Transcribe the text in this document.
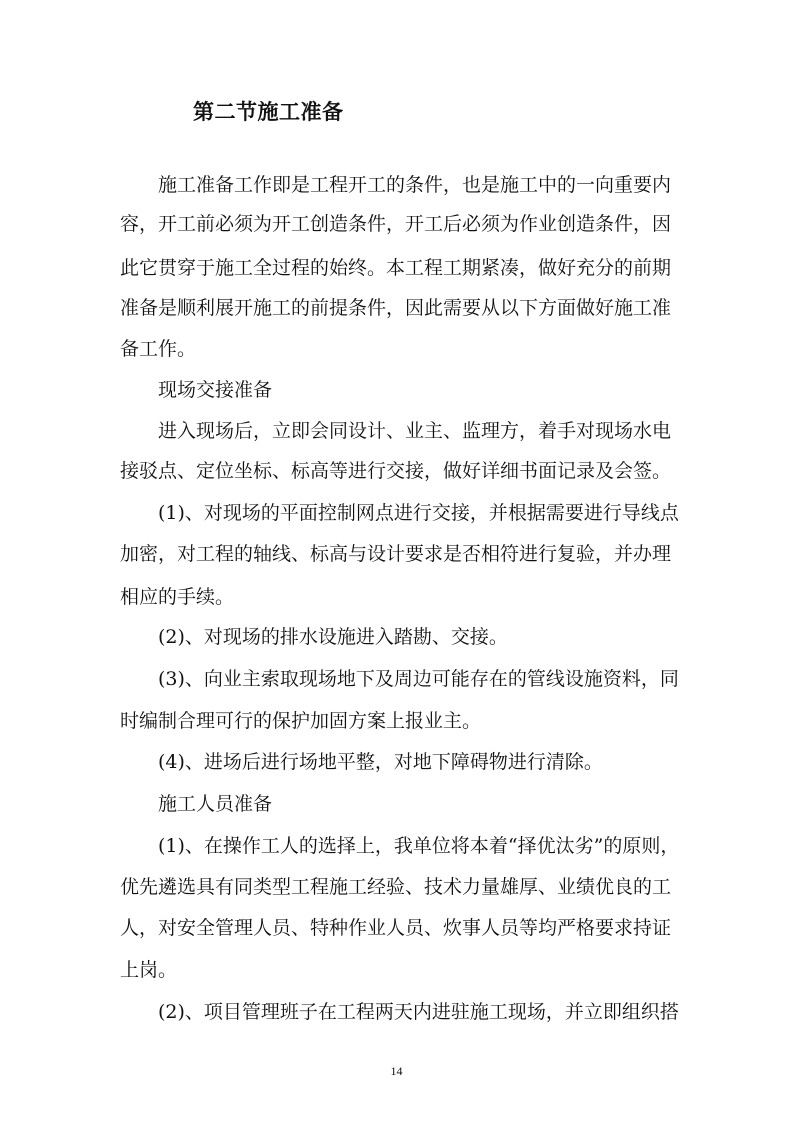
第二节施工准备
施工准备工作即是工程开工的条件，也是施工中的一向重要内
容，开工前必须为开工创造条件，开工后必须为作业创造条件，因
此它贯穿于施工全过程的始终。本工程工期紧凑，做好充分的前期
准备是顺利展开施工的前提条件，因此需要从以下方面做好施工准
备工作。
现场交接准备
进入现场后，立即会同设计、业主、监理方，着手对现场水电
接驳点、定位坐标、标高等进行交接，做好详细书面记录及会签。
(1)、对现场的平面控制网点进行交接，并根据需要进行导线点
加密，对工程的轴线、标高与设计要求是否相符进行复验，并办理
相应的手续。
(2)、对现场的排水设施进入踏勘、交接。
(3)、向业主索取现场地下及周边可能存在的管线设施资料，同
时编制合理可行的保护加固方案上报业主。
(4)、进场后进行场地平整，对地下障碍物进行清除。
施工人员准备
(1)、在操作工人的选择上，我单位将本着“择优汰劣”的原则，
优先遴选具有同类型工程施工经验、技术力量雄厚、业绩优良的工
人，对安全管理人员、特种作业人员、炊事人员等均严格要求持证
上岗。
(2)、项目管理班子在工程两天内进驻施工现场，并立即组织搭
14
